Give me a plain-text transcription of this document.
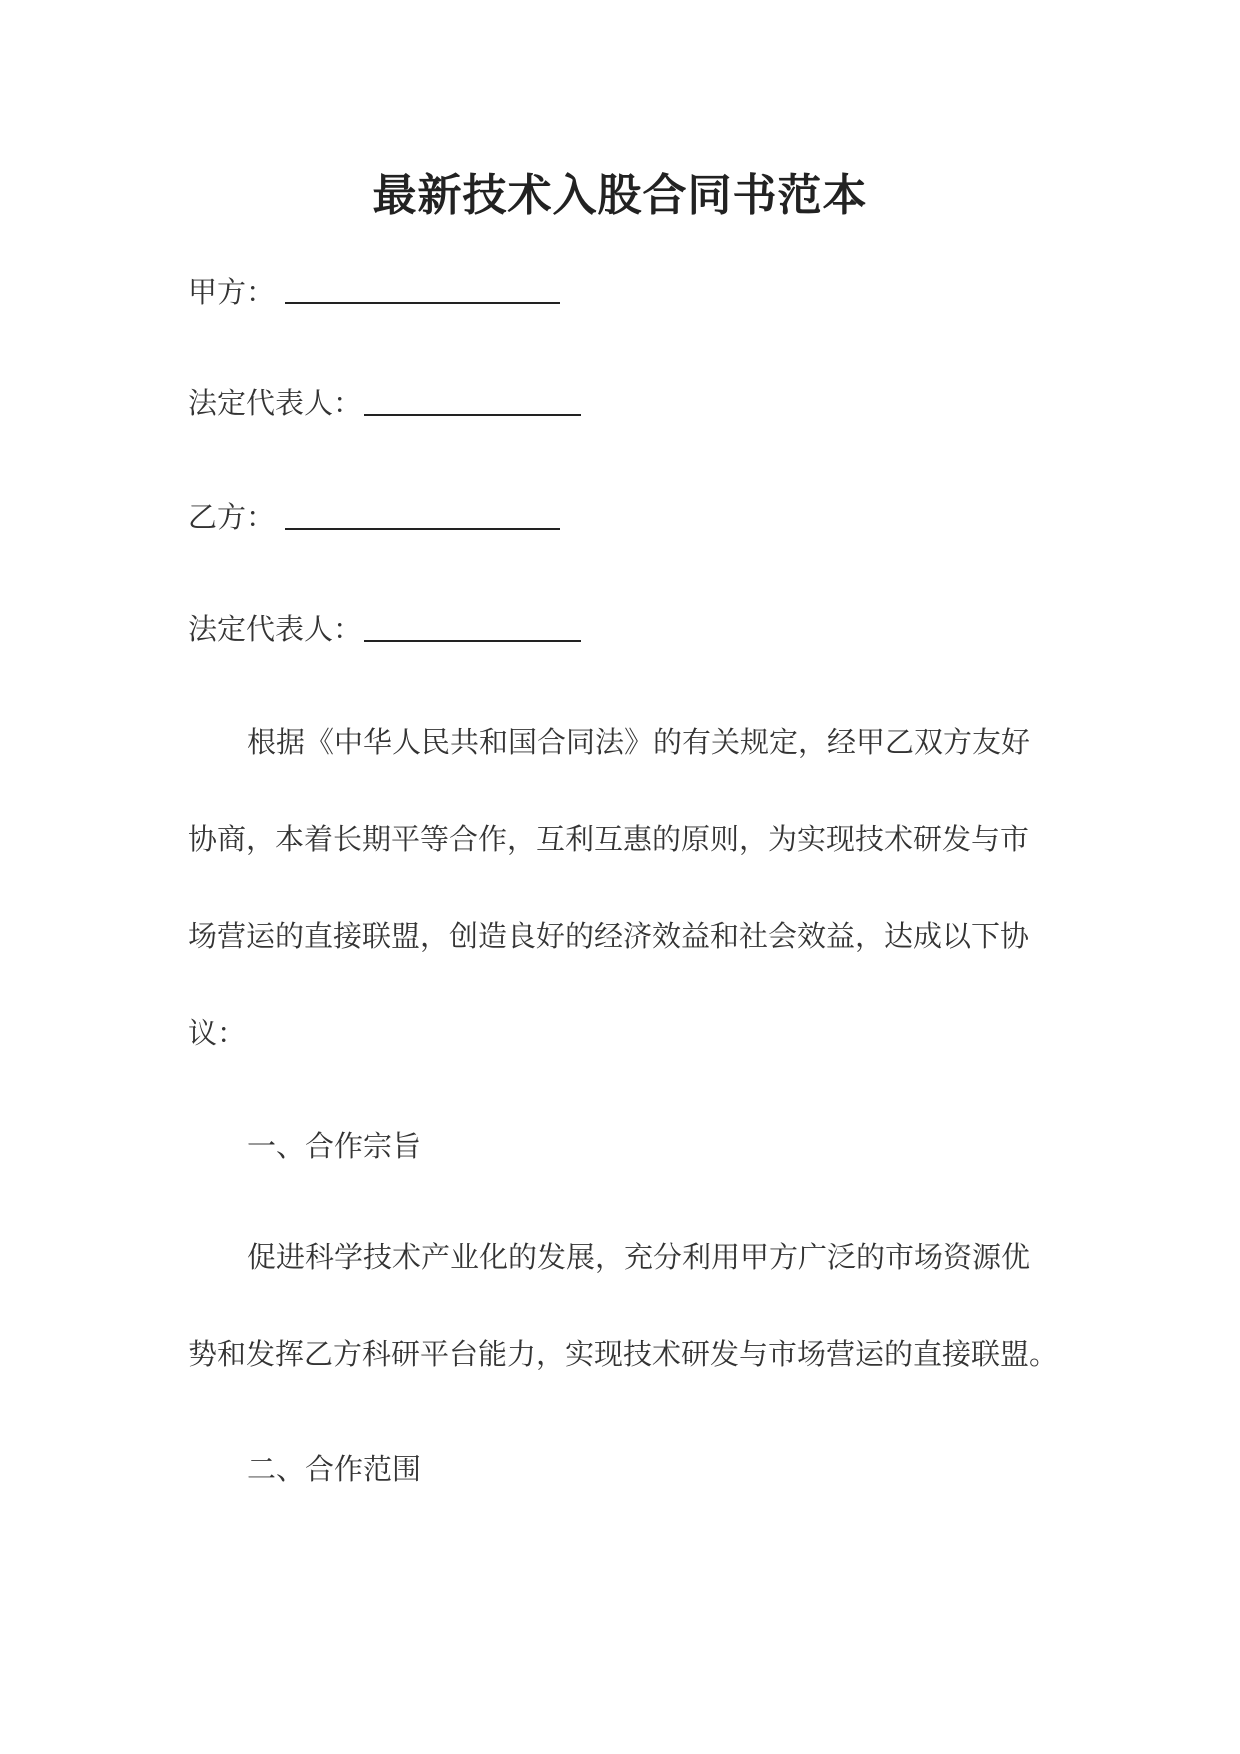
最新技术入股合同书范本
甲方：
法定代表人：
乙方：
法定代表人：
根据《中华人民共和国合同法》的有关规定，经甲乙双方友好
协商，本着长期平等合作，互利互惠的原则，为实现技术研发与市
场营运的直接联盟，创造良好的经济效益和社会效益，达成以下协
议：
一、合作宗旨
促进科学技术产业化的发展，充分利用甲方广泛的市场资源优
势和发挥乙方科研平台能力，实现技术研发与市场营运的直接联盟。
二、合作范围
